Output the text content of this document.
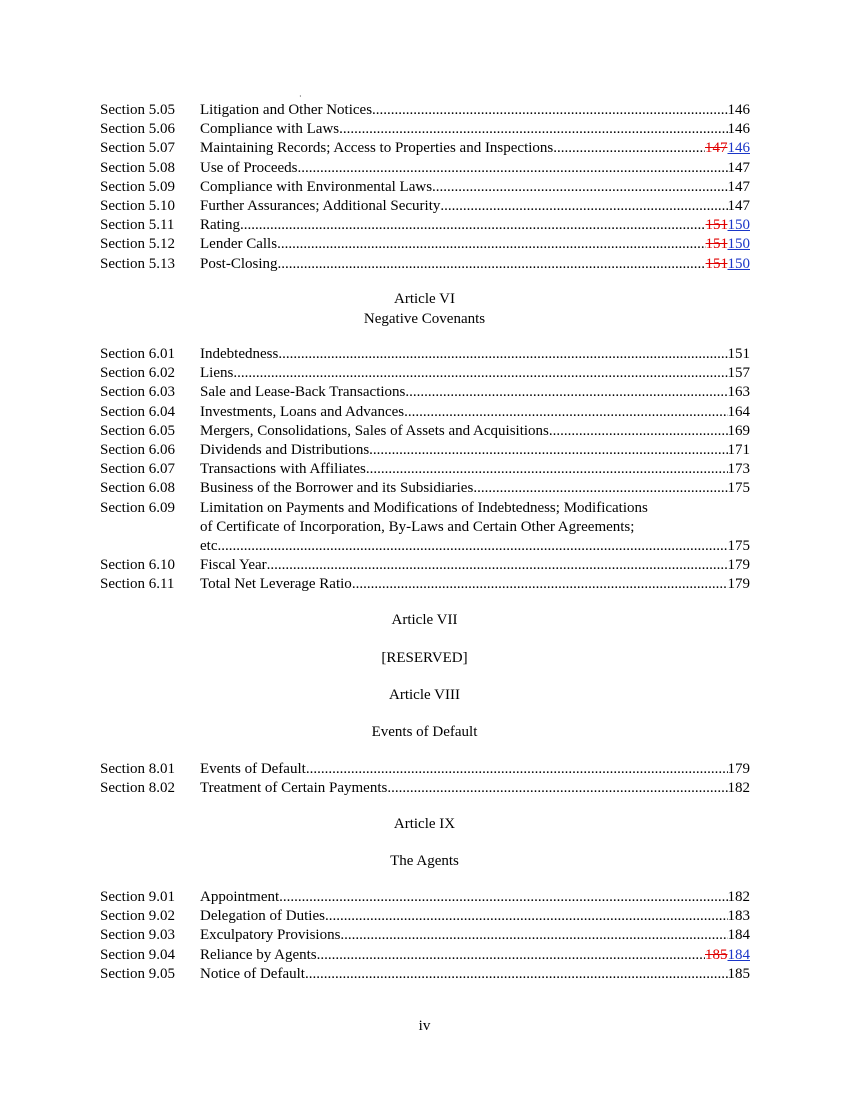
·
Section 5.05	Litigation and Other Notices .....	146
Section 5.06	Compliance with Laws .....	146
Section 5.07	Maintaining Records; Access to Properties and Inspections .....	147146
Section 5.08	Use of Proceeds .....	147
Section 5.09	Compliance with Environmental Laws .....	147
Section 5.10	Further Assurances; Additional Security .....	147
Section 5.11	Rating .....	151150
Section 5.12	Lender Calls .....	151150
Section 5.13	Post-Closing .....	151150
Article VI
Negative Covenants
Section 6.01	Indebtedness .....	151
Section 6.02	Liens .....	157
Section 6.03	Sale and Lease-Back Transactions .....	163
Section 6.04	Investments, Loans and Advances .....	164
Section 6.05	Mergers, Consolidations, Sales of Assets and Acquisitions .....	169
Section 6.06	Dividends and Distributions .....	171
Section 6.07	Transactions with Affiliates .....	173
Section 6.08	Business of the Borrower and its Subsidiaries .....	175
Section 6.09	Limitation on Payments and Modifications of Indebtedness; Modifications
of Certificate of Incorporation, By-Laws and Certain Other Agreements;
etc. .....	175
Section 6.10	Fiscal Year .....	179
Section 6.11	Total Net Leverage Ratio .....	179
Article VII
[RESERVED]
Article VIII
Events of Default
Section 8.01	Events of Default .....	179
Section 8.02	Treatment of Certain Payments .....	182
Article IX
The Agents
Section 9.01	Appointment .....	182
Section 9.02	Delegation of Duties .....	183
Section 9.03	Exculpatory Provisions .....	184
Section 9.04	Reliance by Agents .....	185184
Section 9.05	Notice of Default .....	185
iv
